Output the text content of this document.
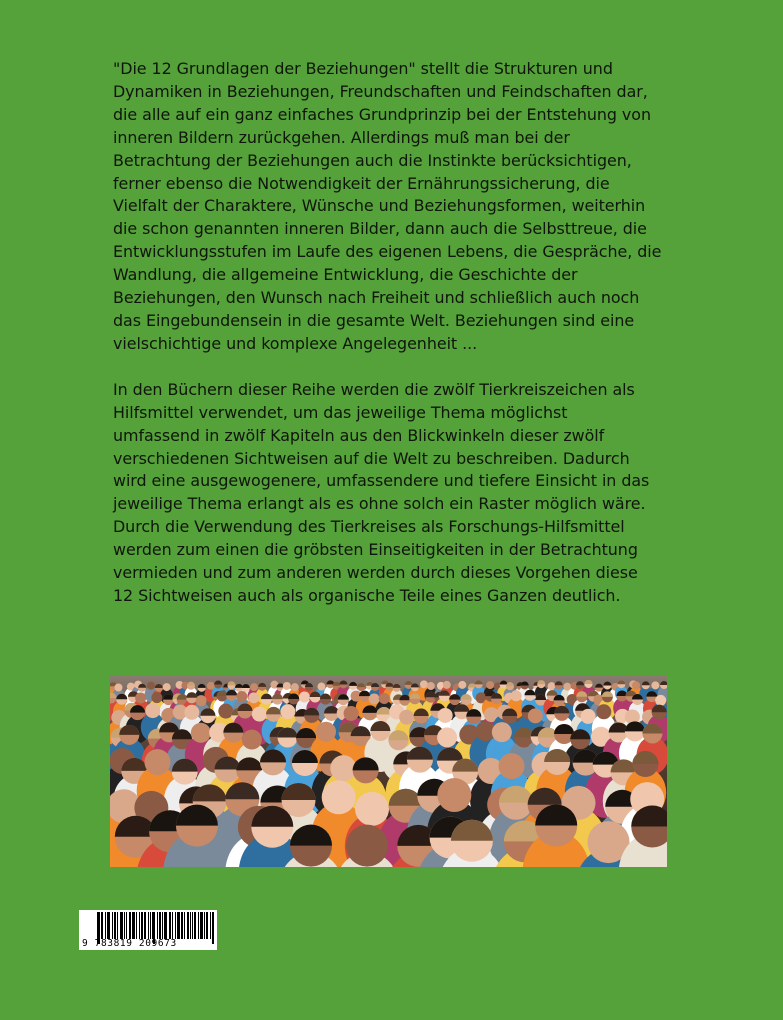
"Die 12 Grundlagen der Beziehungen" stellt die Strukturen und
Dynamiken in Beziehungen, Freundschaften und Feindschaften dar,
die alle auf ein ganz einfaches Grundprinzip bei der Entstehung von
inneren Bildern zurückgehen. Allerdings muß man bei der
Betrachtung der Beziehungen auch die Instinkte berücksichtigen,
ferner ebenso die Notwendigkeit der Ernährungssicherung, die
Vielfalt der Charaktere, Wünsche und Beziehungsformen, weiterhin
die schon genannten inneren Bilder, dann auch die Selbsttreue, die
Entwicklungsstufen im Laufe des eigenen Lebens, die Gespräche, die
Wandlung, die allgemeine Entwicklung, die Geschichte der
Beziehungen, den Wunsch nach Freiheit und schließlich auch noch
das Eingebundensein in die gesamte Welt. Beziehungen sind eine
vielschichtige und komplexe Angelegenheit ...

In den Büchern dieser Reihe werden die zwölf Tierkreiszeichen als
Hilfsmittel verwendet, um das jeweilige Thema möglichst
umfassend in zwölf Kapiteln aus den Blickwinkeln dieser zwölf
verschiedenen Sichtweisen auf die Welt zu beschreiben. Dadurch
wird eine ausgewogenere, umfassendere und tiefere Einsicht in das
jeweilige Thema erlangt als es ohne solch ein Raster möglich wäre.
Durch die Verwendung des Tierkreises als Forschungs-Hilfsmittel
werden zum einen die gröbsten Einseitigkeiten in der Betrachtung
vermieden und zum anderen werden durch dieses Vorgehen diese
12 Sichtweisen auch als organische Teile eines Ganzen deutlich.

9 783819 209673
